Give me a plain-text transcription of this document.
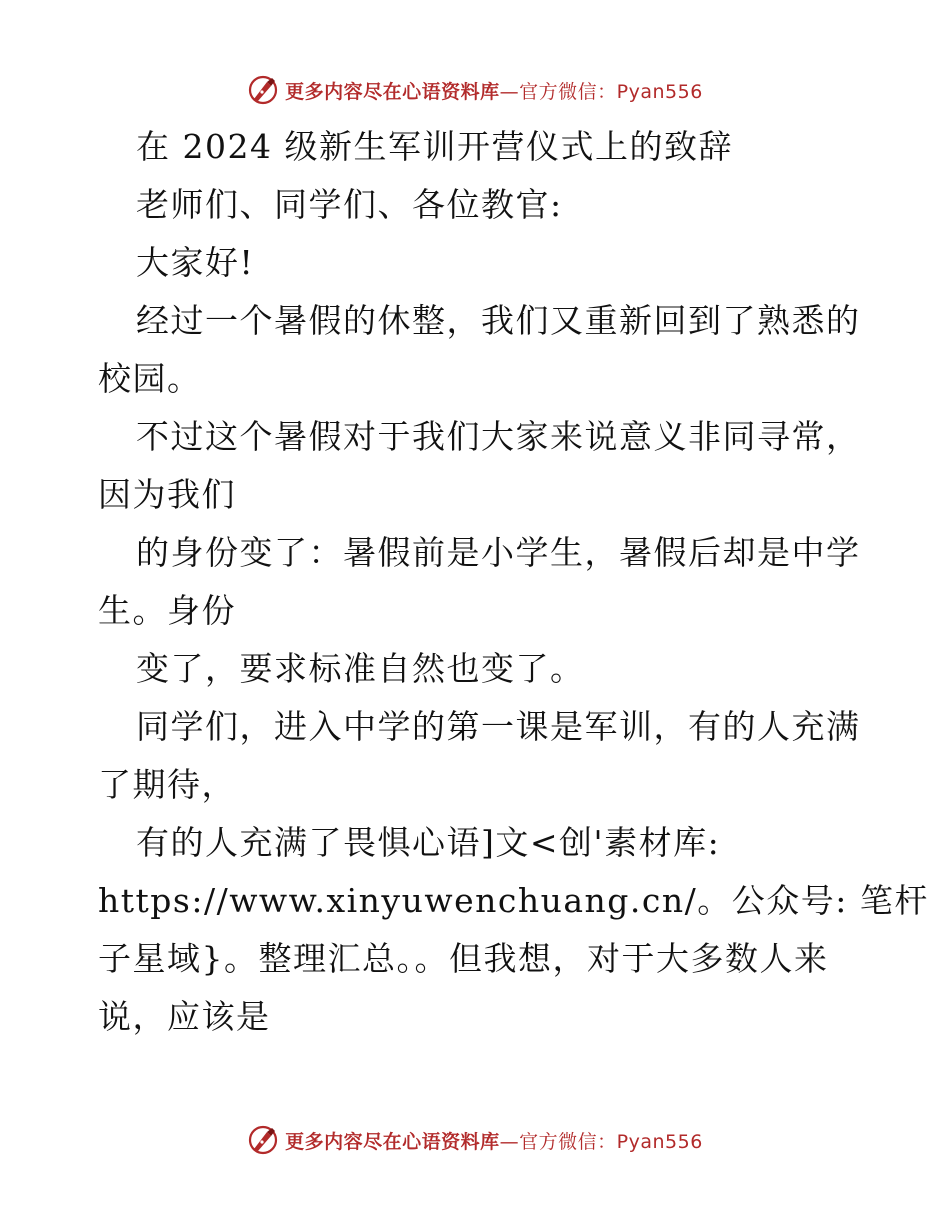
更多内容尽在心语资料库—官方微信：Pyan556
在 2024 级新生军训开营仪式上的致辞
老师们、同学们、各位教官:
大家好!
经过一个暑假的休整，我们又重新回到了熟悉的
校园。
不过这个暑假对于我们大家来说意义非同寻常，
因为我们
的身份变了：暑假前是小学生，暑假后却是中学
生。身份
变了，要求标准自然也变了。
同学们，进入中学的第一课是军训，有的人充满
了期待，
有的人充满了畏惧心语]文<创'素材库:
https://www.xinyuwenchuang.cn/。公众号: 笔杆
子星域}。整理汇总。。但我想，对于大多数人来
说，应该是
更多内容尽在心语资料库—官方微信：Pyan556
